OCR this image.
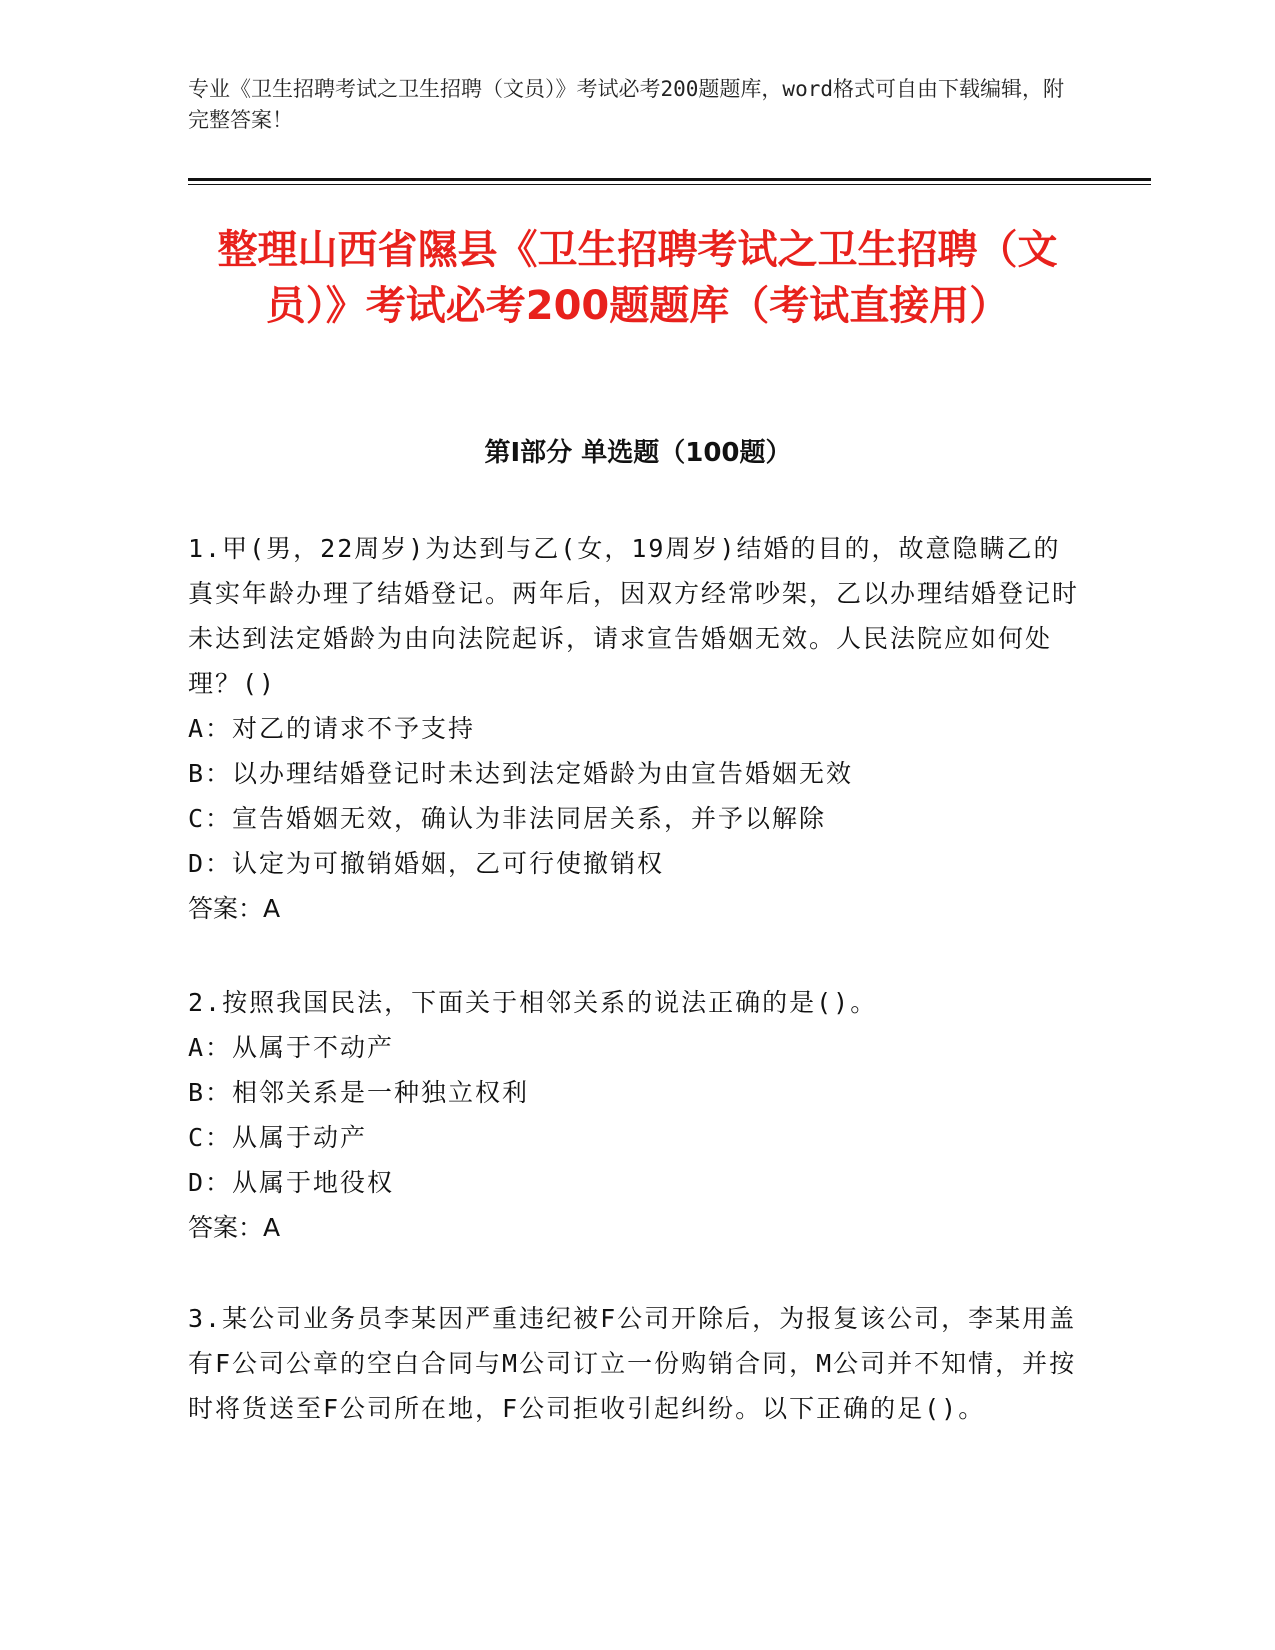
专业《卫生招聘考试之卫生招聘（文员）》考试必考200题题库，word格式可自由下载编辑，附完整答案！
整理山西省隰县《卫生招聘考试之卫生招聘（文员）》考试必考200题题库（考试直接用）
第Ⅰ部分 单选题（100题）
1.甲(男，22周岁)为达到与乙(女，19周岁)结婚的目的，故意隐瞒乙的真实年龄办理了结婚登记。两年后，因双方经常吵架，乙以办理结婚登记时未达到法定婚龄为由向法院起诉，请求宣告婚姻无效。人民法院应如何处理？()
A：对乙的请求不予支持
B：以办理结婚登记时未达到法定婚龄为由宣告婚姻无效
C：宣告婚姻无效，确认为非法同居关系，并予以解除
D：认定为可撤销婚姻，乙可行使撤销权
答案：A
2.按照我国民法，下面关于相邻关系的说法正确的是()。
A：从属于不动产
B：相邻关系是一种独立权利
C：从属于动产
D：从属于地役权
答案：A
3.某公司业务员李某因严重违纪被F公司开除后，为报复该公司，李某用盖有F公司公章的空白合同与M公司订立一份购销合同，M公司并不知情，并按时将货送至F公司所在地，F公司拒收引起纠纷。以下正确的足()。
